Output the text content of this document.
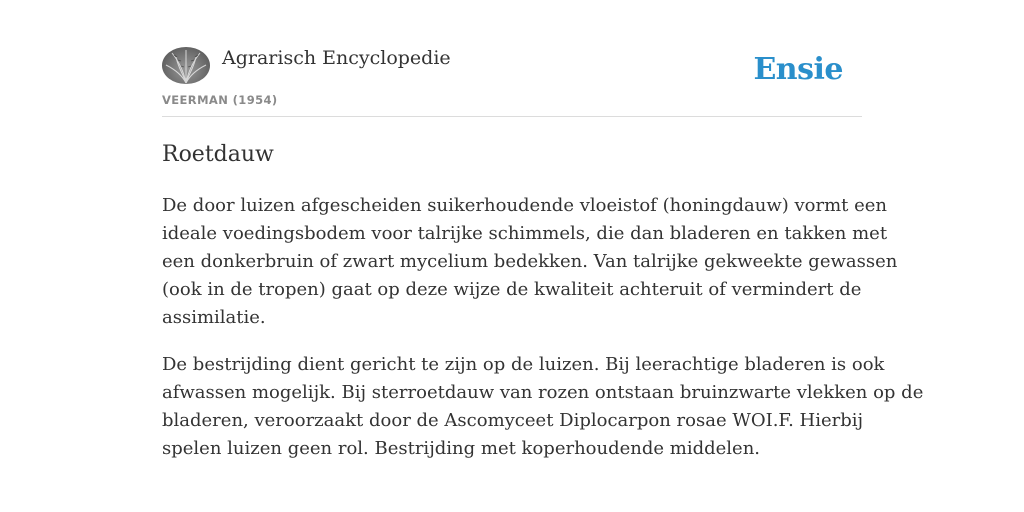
Agrarisch Encyclopedie
VEERMAN (1954)
Ensie
Roetdauw

De door luizen afgescheiden suikerhoudende vloeistof (honingdauw) vormt een
ideale voedingsbodem voor talrijke schimmels, die dan bladeren en takken met
een donkerbruin of zwart mycelium bedekken. Van talrijke gekweekte gewassen
(ook in de tropen) gaat op deze wijze de kwaliteit achteruit of vermindert de
assimilatie.

De bestrijding dient gericht te zijn op de luizen. Bij leerachtige bladeren is ook
afwassen mogelijk. Bij sterroetdauw van rozen ontstaan bruinzwarte vlekken op de
bladeren, veroorzaakt door de Ascomyceet Diplocarpon rosae WOI.F. Hierbij
spelen luizen geen rol. Bestrijding met koperhoudende middelen.
